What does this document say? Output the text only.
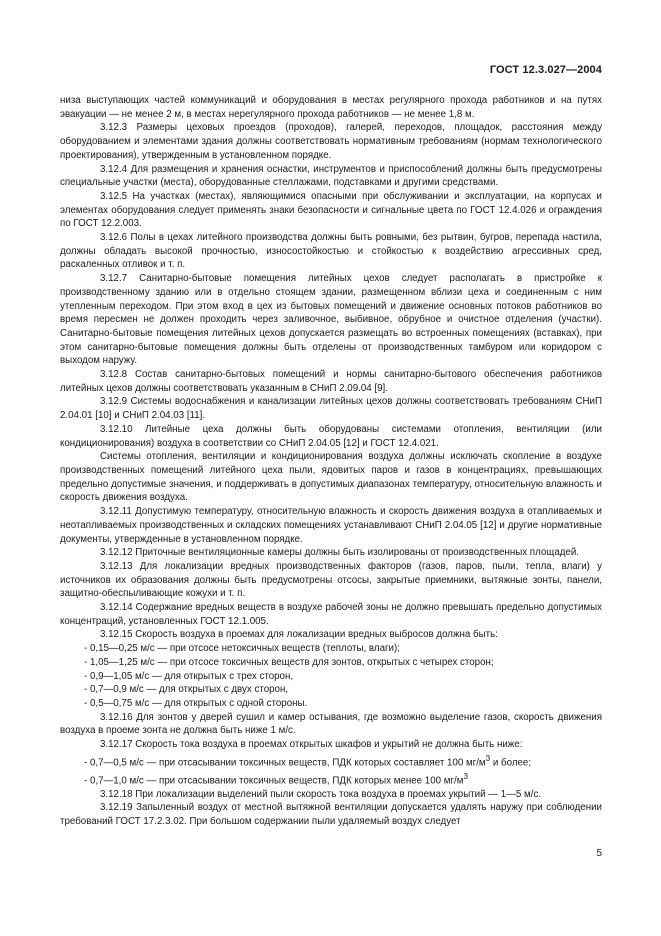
ГОСТ 12.3.027—2004

низа выступающих частей коммуникаций и оборудования в местах регулярного прохода работников и на путях эвакуации — не менее 2 м, в местах нерегулярного прохода работников — не менее 1,8 м.

3.12.3 Размеры цеховых проездов (проходов), галерей, переходов, площадок, расстояния между оборудованием и элементами здания должны соответствовать нормативным требованиям (нормам технологического проектирования), утвержденным в установленном порядке.

3.12.4 Для размещения и хранения оснастки, инструментов и приспособлений должны быть предусмотрены специальные участки (места), оборудованные стеллажами, подставками и другими средствами.

3.12.5 На участках (местах), являющимися опасными при обслуживании и эксплуатации, на корпусах и элементах оборудования следует применять знаки безопасности и сигнальные цвета по ГОСТ 12.4.026 и ограждения по ГОСТ 12.2.003.

3.12.6 Полы в цехах литейного производства должны быть ровными, без рытвин, бугров, перепада настила, должны обладать высокой прочностью, износостойкостью и стойкостью к воздействию агрессивных сред, раскаленных отливок и т. п.

3.12.7 Санитарно-бытовые помещения литейных цехов следует располагать в пристройке к производственному зданию или в отдельно стоящем здании, размещенном вблизи цеха и соединенным с ним утепленным переходом. При этом вход в цех из бытовых помещений и движение основных потоков работников во время пересмен не должен проходить через заливочное, выбивное, обрубное и очистное отделения (участки). Санитарно-бытовые помещения литейных цехов допускается размещать во встроенных помещениях (вставках), при этом санитарно-бытовые помещения должны быть отделены от производственных тамбуром или коридором с выходом наружу.

3.12.8 Состав санитарно-бытовых помещений и нормы санитарно-бытового обеспечения работников литейных цехов должны соответствовать указанным в СНиП 2.09.04 [9].

3.12.9 Системы водоснабжения и канализации литейных цехов должны соответствовать требованиям СНиП 2.04.01 [10] и СНиП 2.04.03 [11].

3.12.10 Литейные цеха должны быть оборудованы системами отопления, вентиляции (или кондиционирования) воздуха в соответствии со СНиП 2.04.05 [12] и ГОСТ 12.4.021.

Системы отопления, вентиляции и кондиционирования воздуха должны исключать скопление в воздухе производственных помещений литейного цеха пыли, ядовитых паров и газов в концентрациях, превышающих предельно допустимые значения, и поддерживать в допустимых диапазонах температуру, относительную влажность и скорость движения воздуха.

3.12.11 Допустимую температуру, относительную влажность и скорость движения воздуха в отапливаемых и неотапливаемых производственных и складских помещениях устанавливают СНиП 2.04.05 [12] и другие нормативные документы, утвержденные в установленном порядке.

3.12.12 Приточные вентиляционные камеры должны быть изолированы от производственных площадей.

3.12.13 Для локализации вредных производственных факторов (газов, паров, пыли, тепла, влаги) у источников их образования должны быть предусмотрены отсосы, закрытые приемники, вытяжные зонты, панели, защитно-обеспыливающие кожухи и т. п.

3.12.14 Содержание вредных веществ в воздухе рабочей зоны не должно превышать предельно допустимых концентраций, установленных ГОСТ 12.1.005.

3.12.15 Скорость воздуха в проемах для локализации вредных выбросов должна быть:

- 0,15—0,25 м/с — при отсосе нетоксичных веществ (теплоты, влаги);

- 1,05—1,25 м/с — при отсосе токсичных веществ для зонтов, открытых с четырех сторон;

- 0,9—1,05 м/с — для открытых с трех сторон,

- 0,7—0,9 м/с — для открытых с двух сторон,

- 0,5—0,75 м/с — для открытых с одной стороны.

3.12.16 Для зонтов у дверей сушил и камер остывания, где возможно выделение газов, скорость движения воздуха в проеме зонта не должна быть ниже 1 м/с.

3.12.17 Скорость тока воздуха в проемах открытых шкафов и укрытий не должна быть ниже:

- 0,7—0,5 м/с — при отсасывании токсичных веществ, ПДК которых составляет 100 $мг/м^3$ и более;

- 0,7—1,0 м/с — при отсасывании токсичных веществ, ПДК которых менее 100 $мг/м^3$

3.12.18 При локализации выделений пыли скорость тока воздуха в проемах укрытий — 1—5 м/с.

3.12.19 Запыленный воздух от местной вытяжной вентиляции допускается удалять наружу при соблюдении требований ГОСТ 17.2.3.02. При большом содержании пыли удаляемый воздух следует

5
